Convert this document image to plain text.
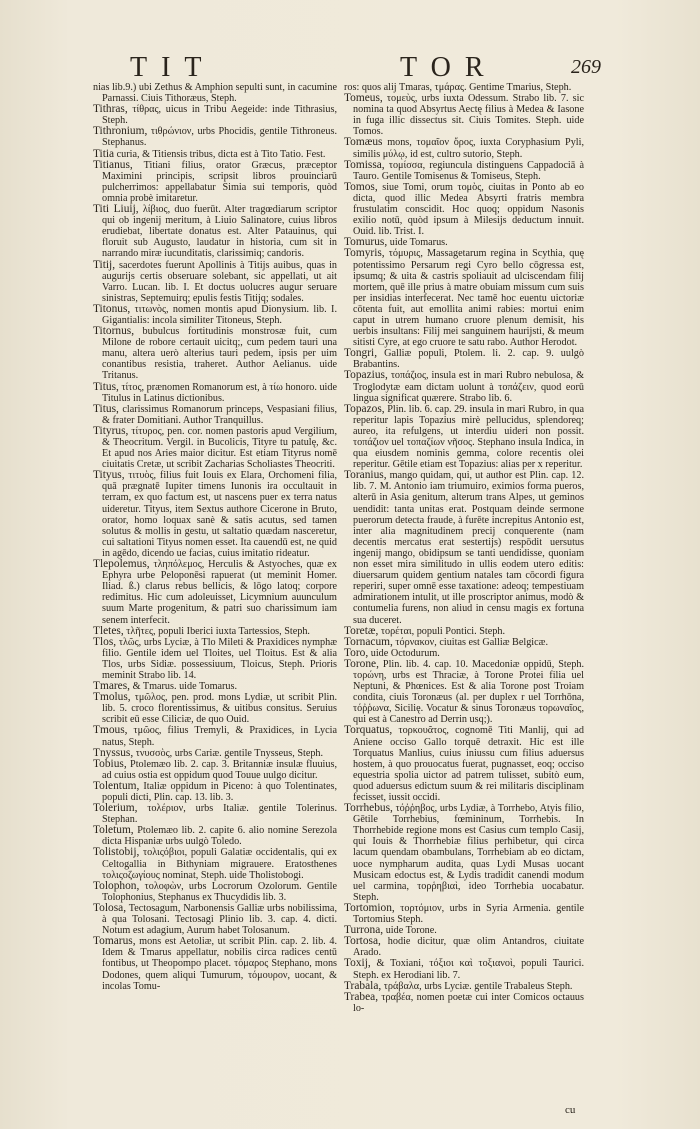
TIT	TOR	269

nias lib.9.) ubi Zethus & Amphion sepulti sunt, in cacumine Parnassi. Ciuis Tithoræus, Steph.

Tithras, τίθρας, uicus in Tribu Aegeide: inde Tithrasius, Steph.

Tithronium, τιθρώνιον, urbs Phocidis, gentile Tithroneus. Stephanus.

Titia curia, & Titiensis tribus, dicta est à Tito Tatio. Fest.

Titianus, Titiani filius, orator Græcus, præceptor Maximini principis, scripsit libros prouinciarū pulcherrimos: appellabatur Simia sui temporis, quòd omnia probè imitaretur.

Titi Liuij, λίβιος, duo fuerūt. Alter tragœdiarum scriptor qui ob ingenij meritum, à Liuio Salinatore, cuius libros erudiebat, libertate donatus est. Alter Patauinus, qui floruit sub Augusto, laudatur in historia, cum sit in narrando miræ iucunditatis, clarissimiq; candoris.

Titij, sacerdotes fuerunt Apollinis à Titijs auibus, quas in augurijs certis obseruare solebant, sic appellati, ut ait Varro. Lucan. lib. I. Et doctus uolucres augur seruare sinistras, Septemuirq; epulis festis Titijq; sodales.

Titonus, τιτωνὸς, nomen montis apud Dionysium. lib. I. Gigantialis: incola similiter Titoneus, Steph.

Titornus, bubulcus fortitudinis monstrosæ fuit, cum Milone de robore certauit uicitq;, cum pedem tauri una manu, altera uerò alterius tauri pedem, ipsis per uim conantibus resistia, traheret. Author Aelianus. uide Tritanus.

Titus, τίτος, prænomen Romanorum est, à τίω honoro. uide Titulus in Latinus dictionibus.

Titus, clarissimus Romanorum princeps, Vespasiani filius, & frater Domitiani. Author Tranquillus.

Tityrus, τίτυρος, pen. cor. nomen pastoris apud Vergilium, & Theocritum. Vergil. in Bucolicis, Tityre tu patulę, &c. Et apud nos Aries maior dicitur. Est etiam Tityrus nomē ciuitatis Cretæ, ut scribit Zacharias Scholiastes Theocriti.

Tityus, τιτυὸς, filius fuit Iouis ex Elara, Orchomeni filia, quā prægnatē Iupiter timens Iunonis ira occultauit in terram, ex quo factum est, ut nascens puer ex terra natus uideretur. Tityus, item Sextus authore Cicerone in Bruto, orator, homo loquax sanè & satis acutus, sed tamen solutus & mollis in gestu, ut saltatio quædam nasceretur, cui saltationi Tityus nomen esset. Ita cauendū est, ne quid in agēdo, dicendo ue facias, cuius imitatio rideatur.

Tlepolemus, τληπόλεμος, Herculis & Astyoches, quæ ex Ephyra urbe Peloponēsi rapuerat (ut meminit Homer. Iliad. ß.) clarus rebus bellicis, & lōgo latoq; corpore redimitus. Hic cum adoleuisset, Licymnium auunculum suum Marte progenitum, & patri suo charissimum iam senem interfecit.

Tletes, τλῆτες, populi Iberici iuxta Tartessios, Steph.

Tlos, τλῶς, urbs Lyciæ, à Tlo Mileti & Praxidices nymphæ filio. Gentile idem uel Tloites, uel Tloitus. Est & alia Tlos, urbs Sidiæ. possessiuum, Tloicus, Steph. Prioris meminit Strabo lib. 14.

Tmares, & Tmarus. uide Tomarus.

Tmolus, τμῶλος, pen. prod. mons Lydiæ, ut scribit Plin. lib. 5. croco florentissimus, & uitibus consitus. Seruius scribit eū esse Ciliciæ, de quo Ouid.

Tmous, τμῶος, filius Tremyli, & Praxidices, in Lycia natus, Steph.

Tnyssus, τνυσσὸς, urbs Cariæ. gentile Tnysseus, Steph.

Tobius, Ptolemæo lib. 2. cap. 3. Britanniæ insulæ fluuius, ad cuius ostia est oppidum quod Touue uulgo dicitur.

Tolentum, Italiæ oppidum in Piceno: à quo Tolentinates, populi dicti, Plin. cap. 13. lib. 3.

Tolerium, τολέριον, urbs Italiæ. gentile Tolerinus. Stephan.

Toletum, Ptolemæo lib. 2. capite 6. alio nomine Serezola dicta Hispaniæ urbs uulgò Toledo.

Tolistobij, τολιςόβιοι, populi Galatiæ occidentalis, qui ex Celtogallia in Bithyniam migrauere. Eratosthenes τολιςοζωγίους nominat, Steph. uide Tholistobogi.

Tolophon, τολοφὼν, urbs Locrorum Ozolorum. Gentile Tolophonius, Stephanus ex Thucydidis lib. 3.

Tolosa, Tectosagum, Narbonensis Galliæ urbs nobilissima, à qua Tolosani. Tectosagi Plinio lib. 3. cap. 4. dicti. Notum est adagium, Aurum habet Tolosanum.

Tomarus, mons est Aetoliæ, ut scribit Plin. cap. 2. lib. 4. Idem & Tmarus appellatur, nobilis circa radices centū fontibus, ut Theopompo placet. τόμαρος Stephano, mons Dodones, quem aliqui Tumurum, τόμουρον, uocant, & incolas Tomu-

ros: quos alij Tmaras, τμάρας. Gentime Tmarius, Steph.

Tomeus, τομεὺς, urbs iuxta Odessum. Strabo lib. 7. sic nomina ta quod Absyrtus Aectę filius à Medea & Iasone in fuga illic dissectus sit. Ciuis Tomites. Steph. uide Tomos.

Tomæus mons, τομαῖον ὄρος, iuxta Coryphasium Pyli, similis μύλῳ, id est, cultro sutorio, Steph.

Tomissa, τομίσσα, regiuncula distinguens Cappadociā à Tauro. Gentile Tomisenus & Tomiseus, Steph.

Tomos, siue Tomi, orum τομὸς, ciuitas in Ponto ab eo dicta, quod illic Medea Absyrti fratris membra frustulatim conscidit. Hoc quoq; oppidum Nasonis exilio notū, quòd ipsum à Milesijs deductum innuit. Ouid. lib. Trist. I.

Tomurus, uide Tomarus.

Tomyris, τόμυρις, Massagetarum regina in Scythia, quę potentissimo Persarum regi Cyro bello cōgressa est, ipsumq; & uita & castris spoliauit ad ulciscendam filij mortem, quē ille prius à matre obuiam missum cum suis per insidias interfecerat. Nec tamē hoc euentu uictoriæ cōtenta fuit, aut emollita animi rabies: mortui enim caput in utrem humano cruore plenum demisit, his uerbis insultans: Filij mei sanguinem haurijsti, & meum sitisti Cyre, at ego cruore te satu rabo. Author Herodot.

Tongri, Galliæ populi, Ptolem. li. 2. cap. 9. uulgò Brabantins.

Topazius, τοπάζιος, insula est in mari Rubro nebulosa, & Troglodytæ eam dictam uolunt à τοπάζειν, quod eorū lingua significat quærere. Strabo lib. 6.

Topazos, Plin. lib. 6. cap. 29. insula in mari Rubro, in qua reperitur lapis Topazius mirè pellucidus, splendoreq; aureo, ita refulgens, ut interdiu uideri non possit. τοπάζιον uel τοπαζίων νῆσος. Stephano insula Indica, in qua eiusdem nominis gemma, colore recentis olei reperitur. Gētile etiam est Topazius: alias per x reperitur.

Toranius, mango quidam, qui, ut author est Plin. cap. 12. lib. 7. M. Antonio iam triumuiro, eximios forma pueros, alterū in Asia genitum, alterum trans Alpes, ut geminos uendidit: tanta unitas erat. Postquam deinde sermone puerorum detecta fraude, à furēte increpitus Antonio est, inter alia magnitudinem precij conquerente (nam decentis mercatus erat sestertijs) respōdit uersutus ingenij mango, obidipsum se tanti uendidisse, quoniam non esset mira similitudo in ullis eodem utero editis: diuersarum quidem gentium natales tam cōcordi figura reperiri, super omnē esse taxatione: adeoq; tempestiuam admirationem intulit, ut ille proscriptor animus, modò & contumelia furens, non aliud in censu magis ex fortuna sua duceret.

Toretæ, τορέται, populi Pontici. Steph.

Tornacum, τόρνακον, ciuitas est Galliæ Belgicæ.

Toro, uide Octodurum.

Torone, Plin. lib. 4. cap. 10. Macedoniæ oppidū, Steph. τορώνη, urbs est Thraciæ, à Torone Protei filia uel Neptuni, & Phœnices. Est & alia Torone post Troiam condita, ciuis Toronæus (al. per duplex r uel Torrhōna, τόῤῥωνα, Sicilię. Vocatur & sinus Toronæus τορωναῖος, qui est à Canestro ad Derrin usq;).

Torquatus, τορκουᾶτος, cognomē Titi Manlij, qui ad Aniene occiso Gallo torquē detraxit. Hic est ille Torquatus Manlius, cuius iniussu cum filius aduersus hostem, à quo prouocatus fuerat, pugnasset, eoq; occiso equestria spolia uictor ad patrem tulisset, subitò eum, quod aduersus edictum suum & rei militaris disciplinam fecisset, iussit occidi.

Torrhebus, τόῤῥηβος, urbs Lydiæ, à Torrhebo, Atyis filio, Gētile Torrhebius, fœmininum, Torrhebis. In Thorrhebide regione mons est Casius cum templo Casij, qui Iouis & Thorrhebiæ filius perhibetur, qui circa lacum quendam obambulans, Torrhebiam ab eo dictam, uoce nympharum audita, quas Lydi Musas uocant Musicam edoctus est, & Lydis tradidit canendi modum uel carmina, τορῥηβιαὶ, ideo Torrhebia uocabatur. Steph.

Tortomion, τορτόμιον, urbs in Syria Armenia. gentile Tortomius Steph.

Turrona, uide Torone.

Tortosa, hodie dicitur, quæ olim Antandros, ciuitate Arado.

Toxij, & Toxiani, τόξιοι καὶ τοξιανοὶ, populi Taurici. Steph. ex Herodiani lib. 7.

Trabala, τράβαλα, urbs Lyciæ. gentile Trabaleus Steph.

Trabea, τραβέα, nomen poetæ cui inter Comicos octauus lo-

cu
